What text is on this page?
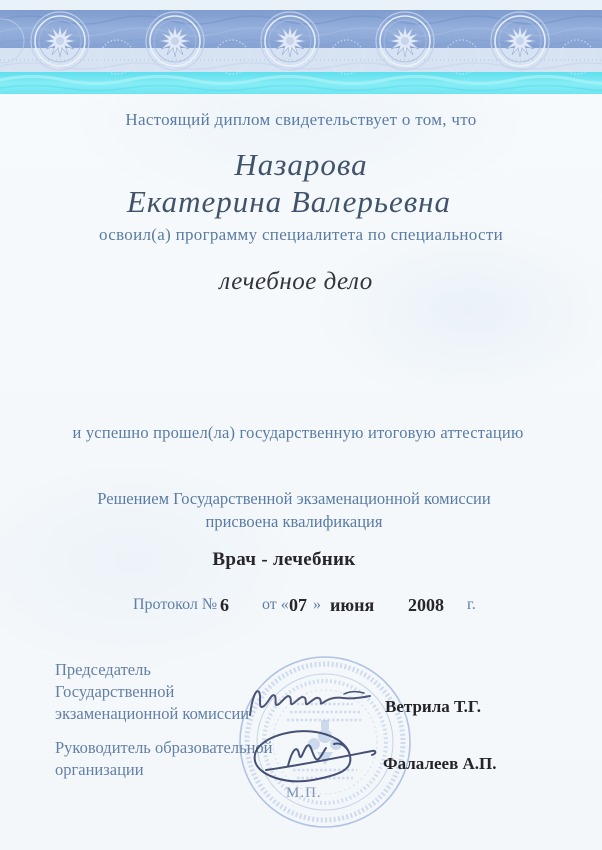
Настоящий диплом свидетельствует о том, что
Назарова
Екатерина Валерьевна
освоил(а) программу специалитета по специальности
лечебное дело
и успешно прошел(ла) государственную итоговую аттестацию
Решением Государственной экзаменационной комиссии
присвоена квалификация
Врач - лечебник
Протокол № 6 от « 07 » июня 2008 г.
Председатель
Государственной
экзаменационной комиссии	Ветрила Т.Г.
Руководитель образовательной
организации	Фалалеев А.П.
М.П.
